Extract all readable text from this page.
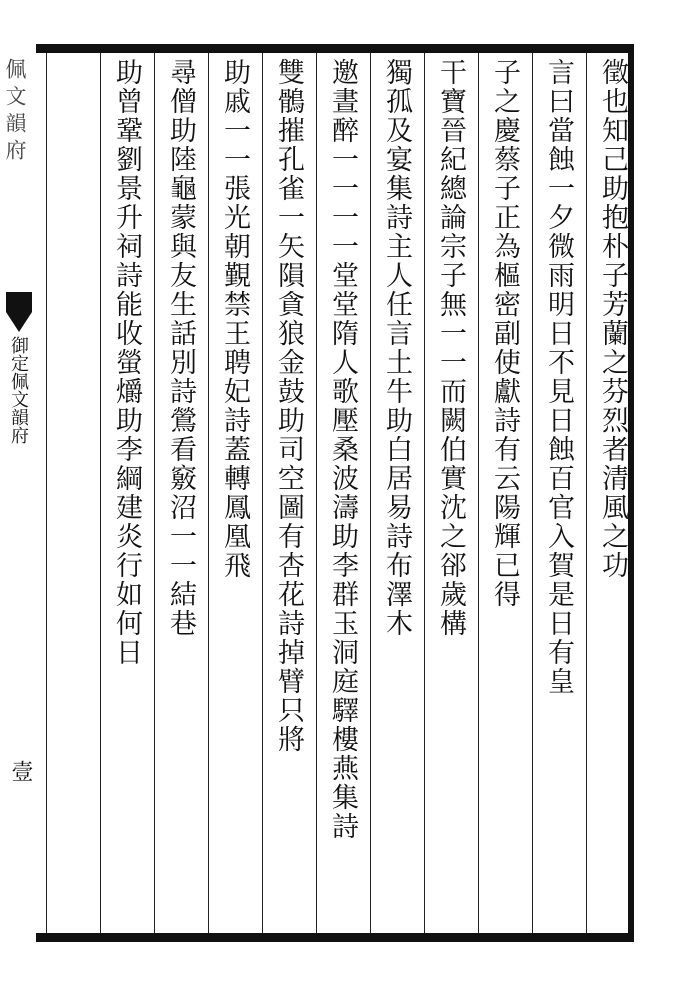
佩文韻府
御定佩文韻府
壹
徵也知己助抱朴子芳蘭之芬烈者清風之功
言曰當蝕一夕微雨明日不見日蝕百官入賀是日有皇
子之慶蔡子正為樞密副使獻詩有云陽輝已得
干寶晉紀總論宗子無一一而闕伯實沈之郤歲構
獨孤及宴集詩主人任言土牛助白居易詩布澤木
邀晝醉一一一一堂堂隋人歌壓桑波濤助李群玉洞庭驛樓燕集詩
雙鶻摧孔雀一矢隕貪狼金鼓助司空圖有杏花詩掉臂只將
助戚一一張光朝覲禁王聘妃詩蓋轉鳳凰飛
尋僧助陸龜蒙與友生話別詩鶯看竅沼一一結巷
助曾鞏劉景升祠詩能收螢爝助李綱建炎行如何日
